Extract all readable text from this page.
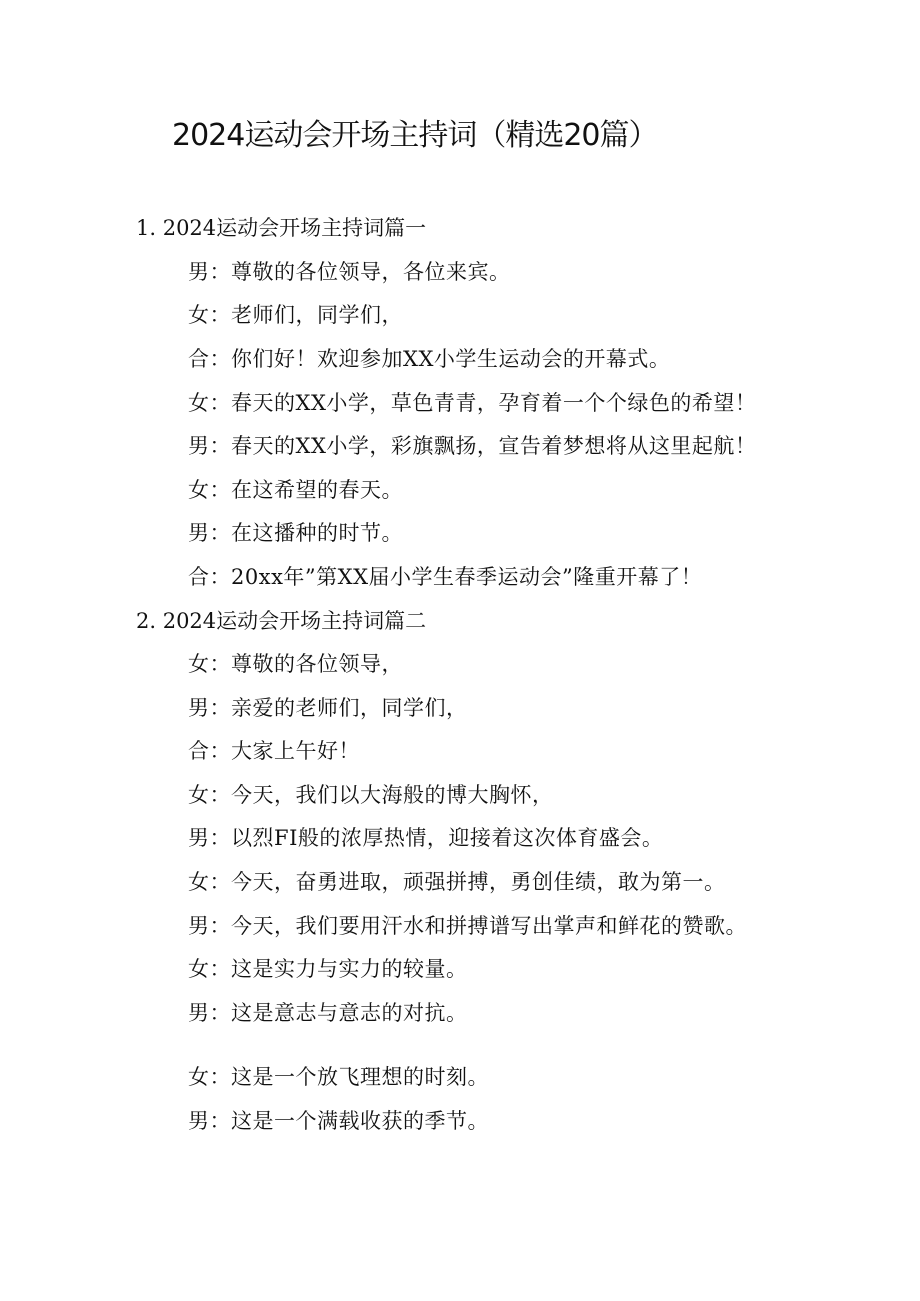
2024运动会开场主持词（精选20篇）

1. 2024运动会开场主持词篇一

男：尊敬的各位领导，各位来宾。

女：老师们，同学们，

合：你们好！欢迎参加XX小学生运动会的开幕式。

女：春天的XX小学，草色青青，孕育着一个个绿色的希望！

男：春天的XX小学，彩旗飘扬，宣告着梦想将从这里起航！

女：在这希望的春天。

男：在这播种的时节。

合：20xx年”第XX届小学生春季运动会”隆重开幕了！

2. 2024运动会开场主持词篇二

女：尊敬的各位领导，

男：亲爱的老师们，同学们，

合：大家上午好！

女：今天，我们以大海般的博大胸怀，

男：以烈FI般的浓厚热情，迎接着这次体育盛会。

女：今天，奋勇进取，顽强拼搏，勇创佳绩，敢为第一。

男：今天，我们要用汗水和拼搏谱写出掌声和鲜花的赞歌。

女：这是实力与实力的较量。

男：这是意志与意志的对抗。

女：这是一个放飞理想的时刻。

男：这是一个满载收获的季节。
